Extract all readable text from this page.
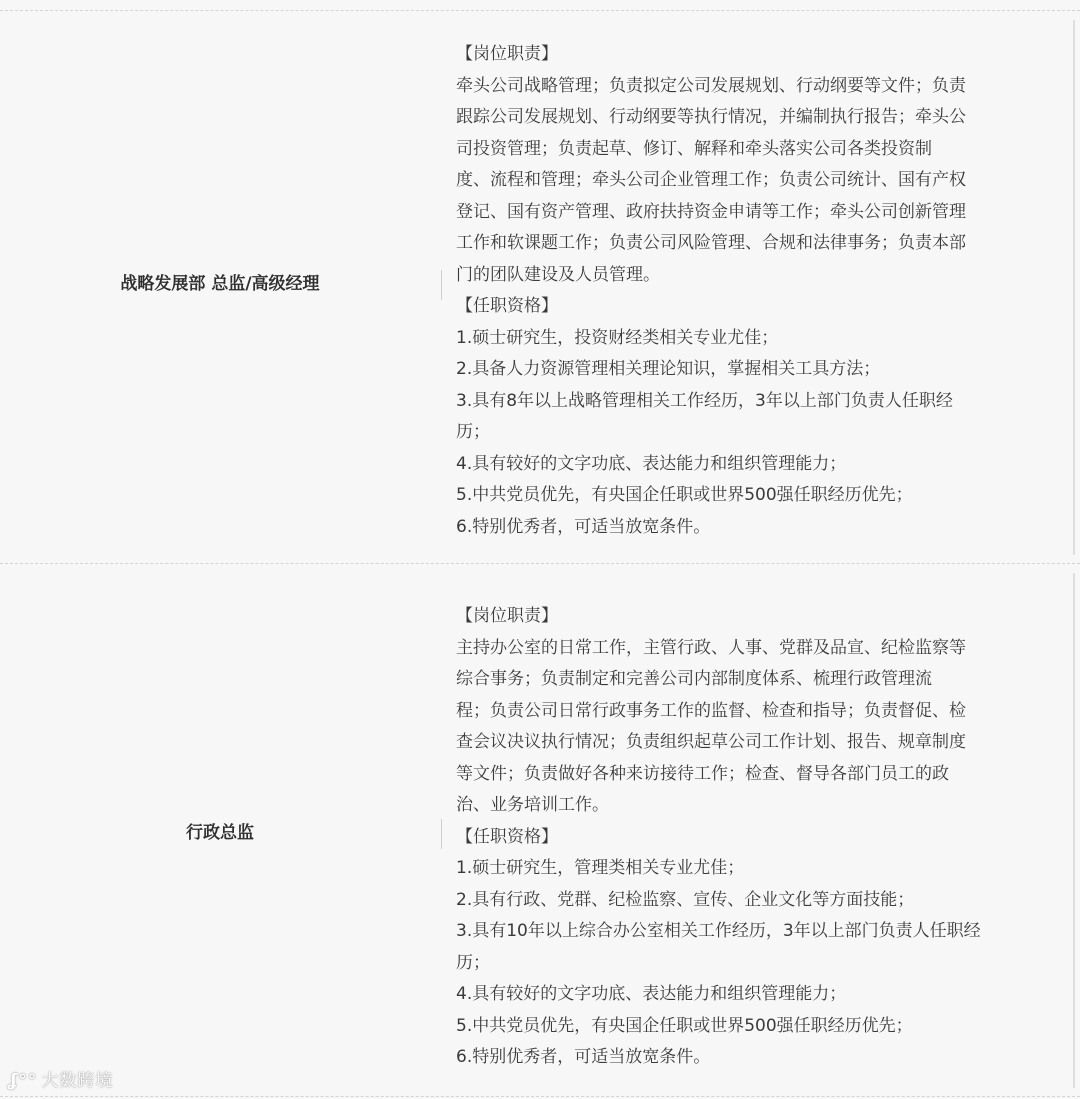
战略发展部 总监/高级经理

【岗位职责】

牵头公司战略管理；负责拟定公司发展规划、行动纲要等文件；负责

跟踪公司发展规划、行动纲要等执行情况，并编制执行报告；牵头公

司投资管理；负责起草、修订、解释和牵头落实公司各类投资制

度、流程和管理；牵头公司企业管理工作；负责公司统计、国有产权

登记、国有资产管理、政府扶持资金申请等工作；牵头公司创新管理

工作和软课题工作；负责公司风险管理、合规和法律事务；负责本部

门的团队建设及人员管理。

【任职资格】

1.硕士研究生，投资财经类相关专业尤佳；

2.具备人力资源管理相关理论知识，掌握相关工具方法；

3.具有8年以上战略管理相关工作经历，3年以上部门负责人任职经

历；

4.具有较好的文字功底、表达能力和组织管理能力；

5.中共党员优先，有央国企任职或世界500强任职经历优先；

6.特别优秀者，可适当放宽条件。

行政总监

【岗位职责】

主持办公室的日常工作，主管行政、人事、党群及品宣、纪检监察等

综合事务；负责制定和完善公司内部制度体系、梳理行政管理流

程；负责公司日常行政事务工作的监督、检查和指导；负责督促、检

查会议决议执行情况；负责组织起草公司工作计划、报告、规章制度

等文件；负责做好各种来访接待工作；检查、督导各部门员工的政

治、业务培训工作。

【任职资格】

1.硕士研究生，管理类相关专业尤佳；

2.具有行政、党群、纪检监察、宣传、企业文化等方面技能；

3.具有10年以上综合办公室相关工作经历，3年以上部门负责人任职经

历；

4.具有较好的文字功底、表达能力和组织管理能力；

5.中共党员优先，有央国企任职或世界500强任职经历优先；

6.特别优秀者，可适当放宽条件。

ʆ°° 大数跨境
